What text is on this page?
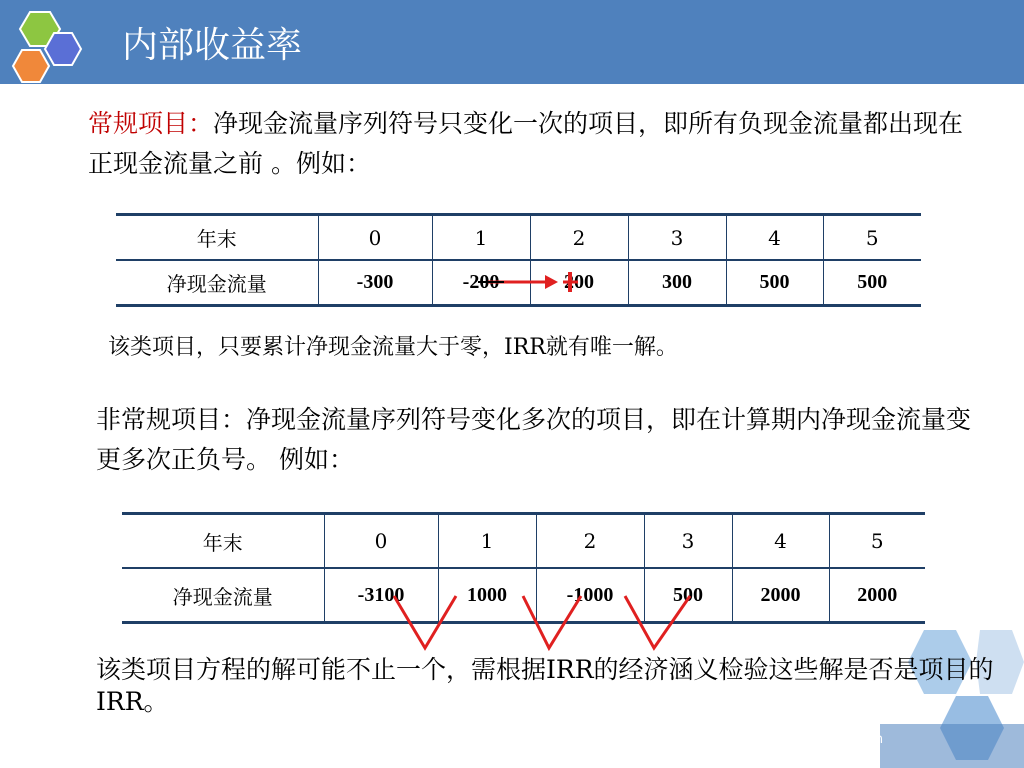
内部收益率

常规项目：净现金流量序列符号只变化一次的项目，即所有负现金流量都出现在正现金流量之前 。例如：

年末	0	1	2	3	4	5
净现金流量	-300	-200	200	300	500	500

该类项目，只要累计净现金流量大于零，IRR就有唯一解。

非常规项目：净现金流量序列符号变化多次的项目，即在计算期内净现金流量变更多次正负号。 例如：

年末	0	1	2	3	4	5
净现金流量	-3100	1000	-1000	500	2000	2000
www.ujn.edu.cn

该类项目方程的解可能不止一个，需根据IRR的经济涵义检验这些解是否是项目的IRR。
